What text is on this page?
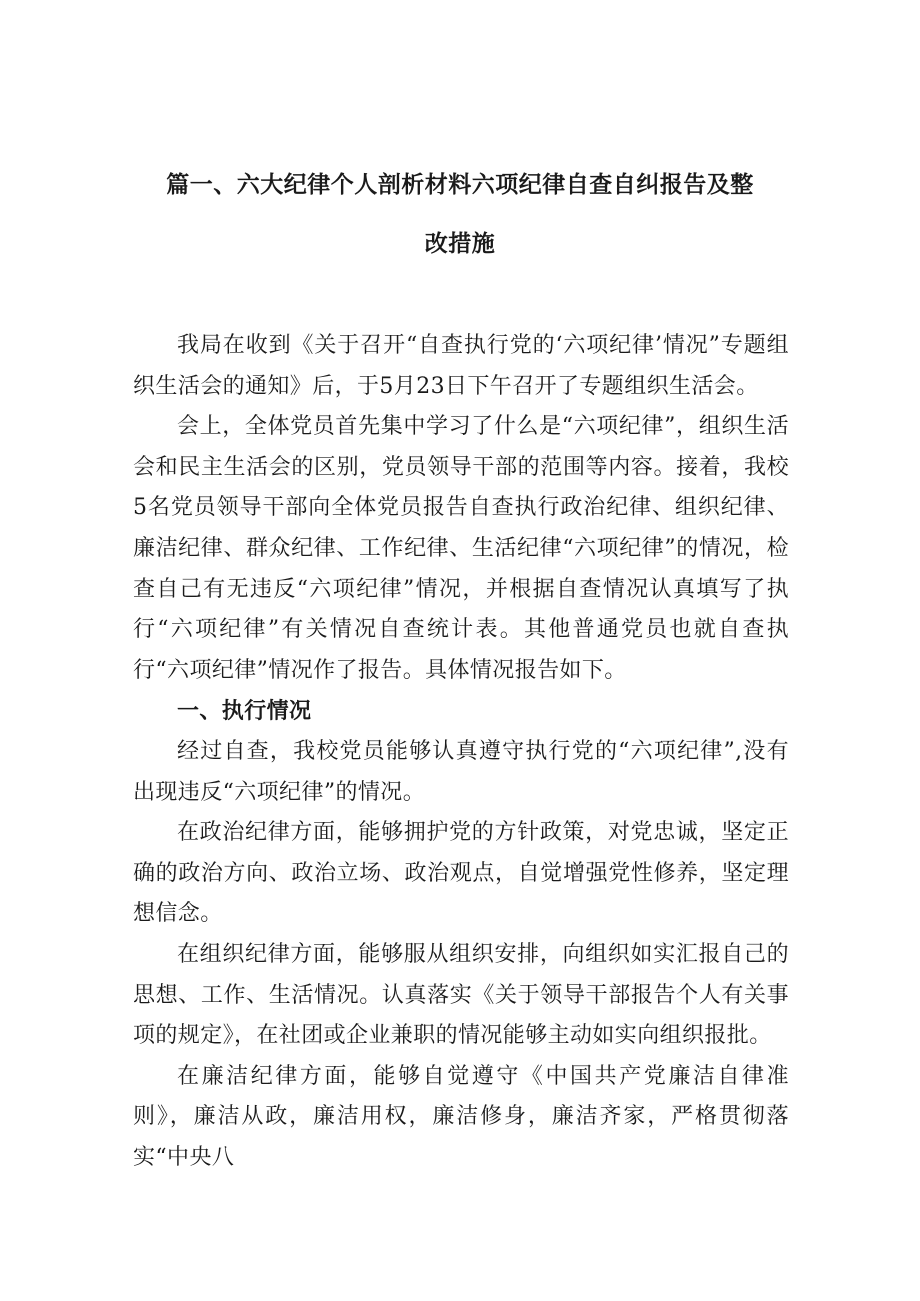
篇一、六大纪律个人剖析材料六项纪律自查自纠报告及整
改措施

我局在收到《关于召开“自查执行党的‘六项纪律’情况”专题组织生活会的通知》后，于5月23日下午召开了专题组织生活会。

会上，全体党员首先集中学习了什么是“六项纪律”，组织生活会和民主生活会的区别，党员领导干部的范围等内容。接着，我校5名党员领导干部向全体党员报告自查执行政治纪律、组织纪律、廉洁纪律、群众纪律、工作纪律、生活纪律“六项纪律”的情况，检查自己有无违反“六项纪律”情况，并根据自查情况认真填写了执行“六项纪律”有关情况自查统计表。其他普通党员也就自查执行“六项纪律”情况作了报告。具体情况报告如下。

一、执行情况

经过自查，我校党员能够认真遵守执行党的“六项纪律”,没有出现违反“六项纪律”的情况。

在政治纪律方面，能够拥护党的方针政策，对党忠诚，坚定正确的政治方向、政治立场、政治观点，自觉增强党性修养，坚定理想信念。

在组织纪律方面，能够服从组织安排，向组织如实汇报自己的思想、工作、生活情况。认真落实《关于领导干部报告个人有关事项的规定》，在社团或企业兼职的情况能够主动如实向组织报批。

在廉洁纪律方面，能够自觉遵守《中国共产党廉洁自律准则》，廉洁从政，廉洁用权，廉洁修身，廉洁齐家，严格贯彻落实“中央八
